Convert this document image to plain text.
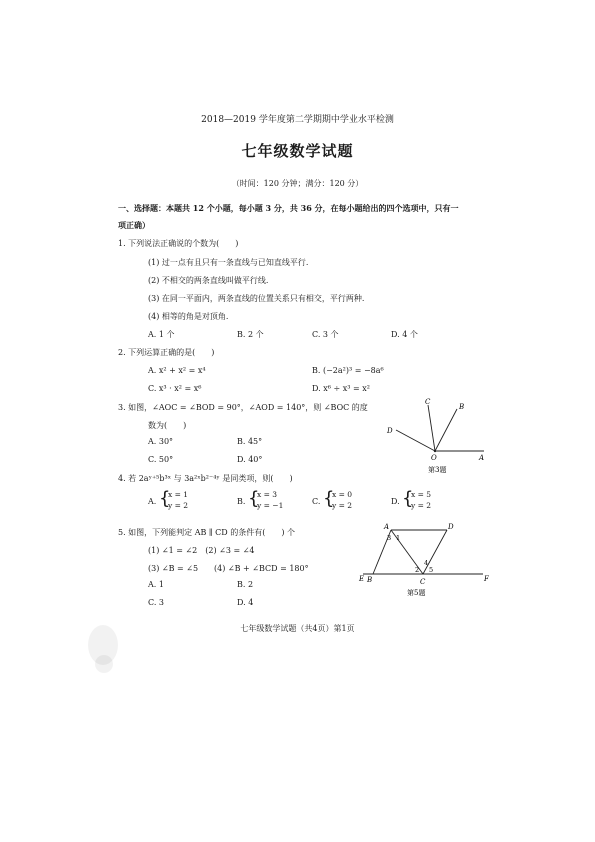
2018—2019 学年度第二学期期中学业水平检测
七年级数学试题
（时间：120 分钟；满分：120 分）
一、选择题：本题共 12 个小题，每小题 3 分，共 36 分，在每小题给出的四个选项中，只有一
项正确）
1. 下列说法正确说的个数为(　　)
(1) 过一点有且只有一条直线与已知直线平行.
(2) 不相交的两条直线叫做平行线.
(3) 在同一平面内，两条直线的位置关系只有相交，平行两种.
(4) 相等的角是对顶角.
A. 1 个	B. 2 个	C. 3 个	D. 4 个
2. 下列运算正确的是(　　)
A. x² + x² = x⁴	B. (−2a²)³ = −8a⁶
C. x³ · x² = x⁶	D. x⁶ ÷ x³ = x²
3. 如图，∠AOC = ∠BOD = 90°，∠AOD = 140°，则 ∠BOC 的度
数为(　　)
A. 30°	B. 45°
C. 50°	D. 40°
C
B
D
A
O
第3题
4. 若 2aʸ⁺⁵b³ˣ 与 3a²ˣb²⁻⁴ʸ 是同类项，则(　　)
A. {
x = 1
y = 2	B. {
x = 3
y = −1	C. {
x = 0
y = 2	D. {
x = 5
y = 2
5. 如图，下列能判定 AB ∥ CD 的条件有(　　) 个
(1) ∠1 = ∠2　(2) ∠3 = ∠4
(3) ∠B = ∠5　　(4) ∠B + ∠BCD = 180°
A. 1	B. 2
C. 3	D. 4
A	D
B	C
E	F
1
3
2
4
5
第5题
七年级数学试题（共4页）第1页
